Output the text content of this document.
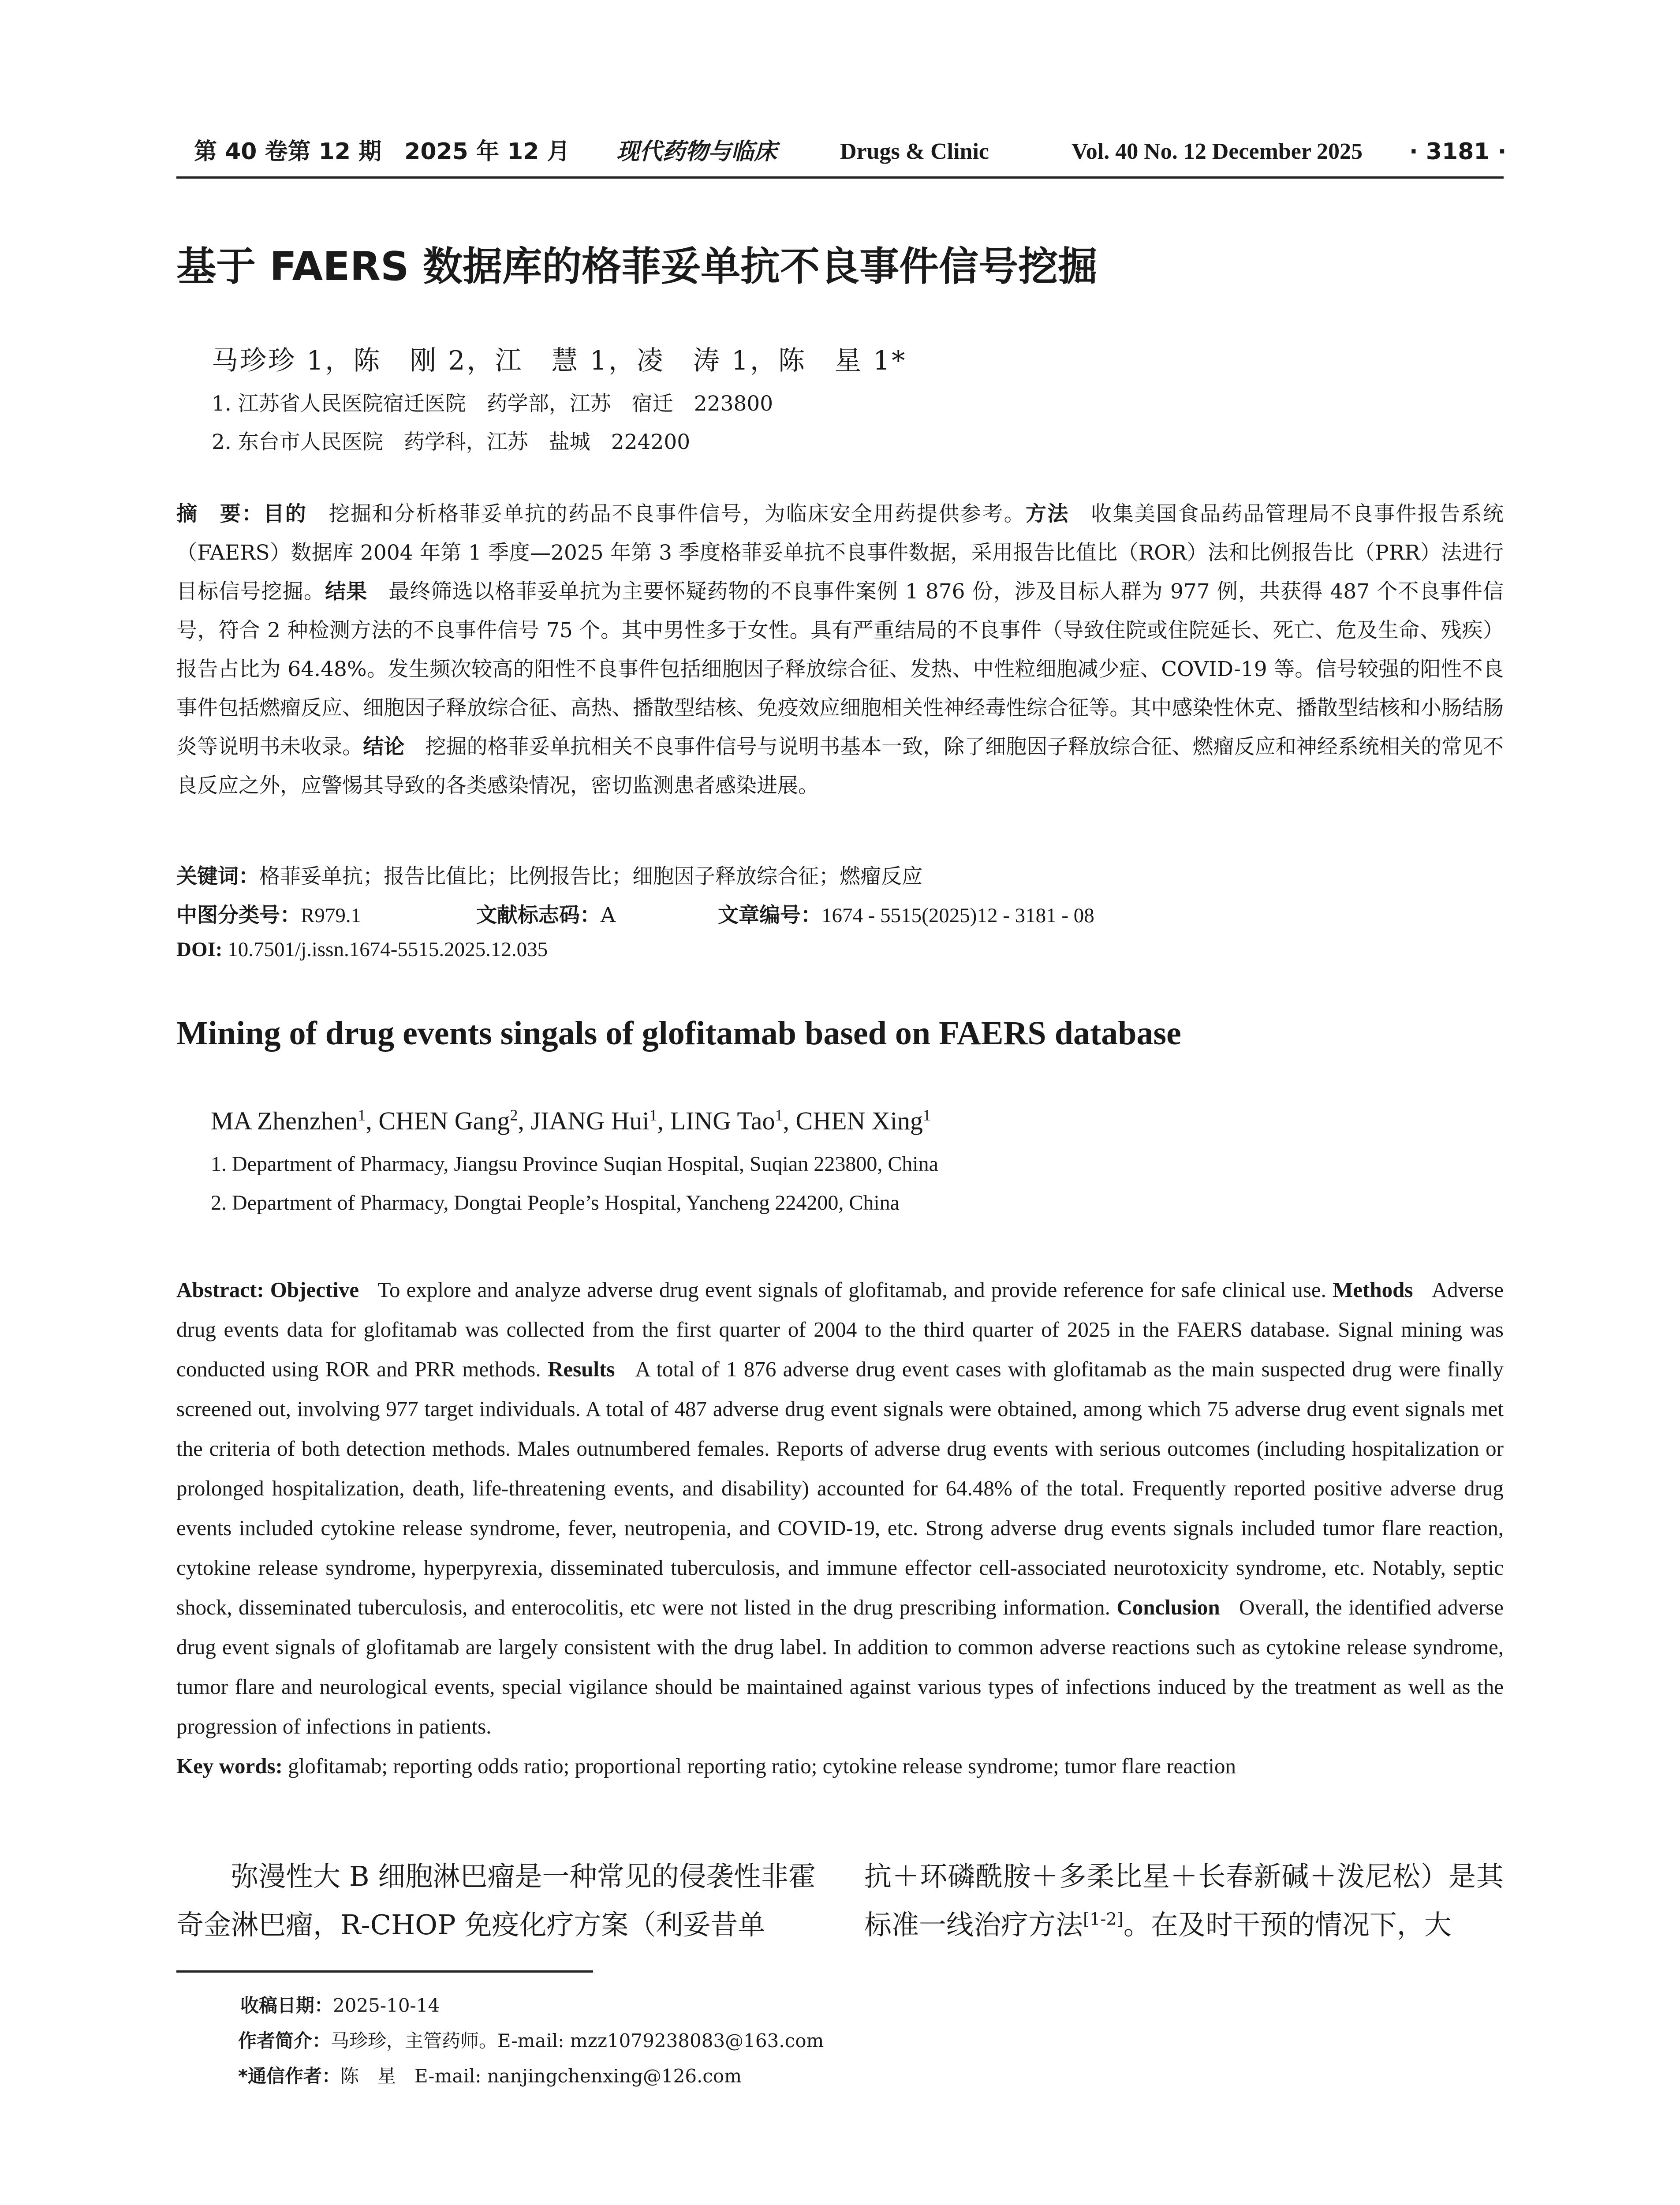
第 40 卷第 12 期　2025 年 12 月 现代药物与临床	Drugs & Clinic	Vol. 40 No. 12 December 2025 · 3181 ·
基于 FAERS 数据库的格菲妥单抗不良事件信号挖掘
马珍珍 1，陈　刚 2，江　慧 1，凌　涛 1，陈　星 1*
1. 江苏省人民医院宿迁医院　药学部，江苏　宿迁　223800
2. 东台市人民医院　药学科，江苏　盐城　224200
摘　要：目的　 挖掘和分析格菲妥单抗的药品不良事件信号，为临床安全用药提供参考。方法　 收集美国食品药品管理局不良事件报告系统（FAERS）数据库 2004 年第 1 季度—2025 年第 3 季度格菲妥单抗不良事件数据，采用报告比值比（ROR）法和比例报告比（PRR）法进行目标信号挖掘。结果　 最终筛选以格菲妥单抗为主要怀疑药物的不良事件案例 1 876 份，涉及目标人群为 977 例，共获得 487 个不良事件信号，符合 2 种检测方法的不良事件信号 75 个。其中男性多于女性。具有严重结局的不良事件（导致住院或住院延长、死亡、危及生命、残疾）报告占比为 64.48%。发生频次较高的阳性不良事件包括细胞因子释放综合征、发热、中性粒细胞减少症、COVID-19 等。信号较强的阳性不良事件包括燃瘤反应、细胞因子释放综合征、高热、播散型结核、免疫效应细胞相关性神经毒性综合征等。其中感染性休克、播散型结核和小肠结肠炎等说明书未收录。结论　 挖掘的格菲妥单抗相关不良事件信号与说明书基本一致，除了细胞因子释放综合征、燃瘤反应和神经系统相关的常见不良反应之外，应警惕其导致的各类感染情况，密切监测患者感染进展。
关键词：格菲妥单抗；报告比值比；比例报告比；细胞因子释放综合征；燃瘤反应
中图分类号：R979.1	文献标志码：A	文章编号：1674 - 5515(2025)12 - 3181 - 08
DOI: 10.7501/j.issn.1674-5515.2025.12.035
Mining of drug events singals of glofitamab based on FAERS database
MA Zhenzhen$^1$, CHEN Gang$^2$, JIANG Hui$^1$, LING Tao$^1$, CHEN Xing$^1$
1. Department of Pharmacy, Jiangsu Province Suqian Hospital, Suqian 223800, China
2. Department of Pharmacy, Dongtai People’s Hospital, Yancheng 224200, China
Abstract: Objective To explore and analyze adverse drug event signals of glofitamab, and provide reference for safe clinical use. Methods Adverse drug events data for glofitamab was collected from the first quarter of 2004 to the third quarter of 2025 in the FAERS database. Signal mining was conducted using ROR and PRR methods. Results A total of 1 876 adverse drug event cases with glofitamab as the main suspected drug were finally screened out, involving 977 target individuals. A total of 487 adverse drug event signals were obtained, among which 75 adverse drug event signals met the criteria of both detection methods. Males outnumbered females. Reports of adverse drug events with serious outcomes (including hospitalization or prolonged hospitalization, death, life-threatening events, and disability) accounted for 64.48% of the total. Frequently reported positive adverse drug events included cytokine release syndrome, fever, neutropenia, and COVID-19, etc. Strong adverse drug events signals included tumor flare reaction, cytokine release syndrome, hyperpyrexia, disseminated tuberculosis, and immune effector cell-associated neurotoxicity syndrome, etc. Notably, septic shock, disseminated tuberculosis, and enterocolitis, etc were not listed in the drug prescribing information. Conclusion Overall, the identified adverse drug event signals of glofitamab are largely consistent with the drug label. In addition to common adverse reactions such as cytokine release syndrome, tumor flare and neurological events, special vigilance should be maintained against various types of infections induced by the treatment as well as the progression of infections in patients.
Key words: glofitamab; reporting odds ratio; proportional reporting ratio; cytokine release syndrome; tumor flare reaction
弥漫性大 B 细胞淋巴瘤是一种常见的侵袭性非霍奇金淋巴瘤，R-CHOP 免疫化疗方案（利妥昔单
抗＋环磷酰胺＋多柔比星＋长春新碱＋泼尼松）是其标准一线治疗方法[1-2]。在及时干预的情况下，大
收稿日期：2025-10-14
作者简介：马珍珍，主管药师。E-mail: mzz1079238083@163.com
*通信作者：陈　星　E-mail: nanjingchenxing@126.com
